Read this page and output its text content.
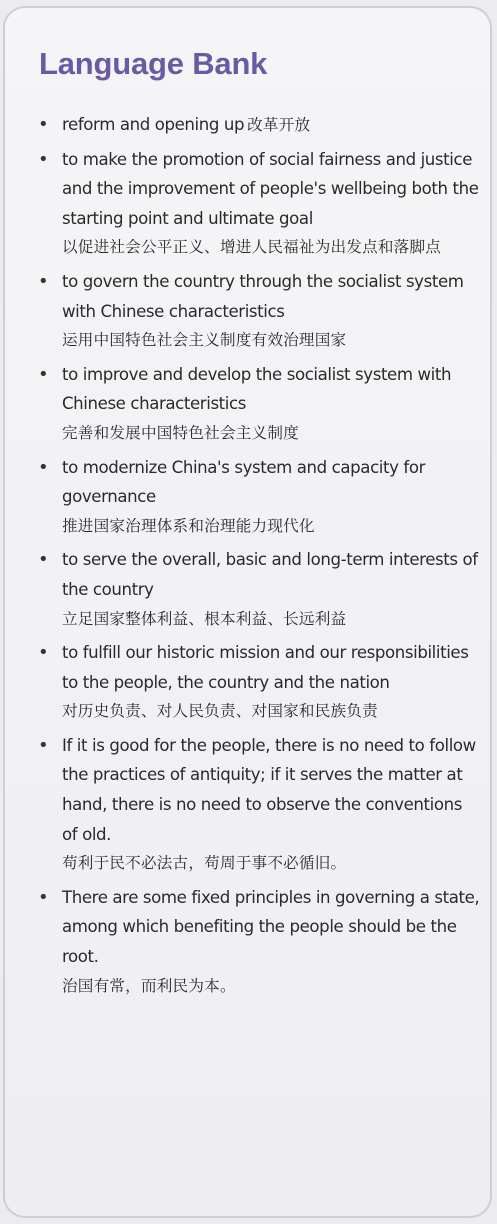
Language Bank
• reform and opening up 改革开放
• to make the promotion of social fairness and justice and the improvement of people's wellbeing both the starting point and ultimate goal
以促进社会公平正义、增进人民福祉为出发点和落脚点
• to govern the country through the socialist system with Chinese characteristics
运用中国特色社会主义制度有效治理国家
• to improve and develop the socialist system with Chinese characteristics
完善和发展中国特色社会主义制度
• to modernize China's system and capacity for governance
推进国家治理体系和治理能力现代化
• to serve the overall, basic and long-term interests of the country
立足国家整体利益、根本利益、长远利益
• to fulfill our historic mission and our responsibilities to the people, the country and the nation
对历史负责、对人民负责、对国家和民族负责
• If it is good for the people, there is no need to follow the practices of antiquity; if it serves the matter at hand, there is no need to observe the conventions of old.
苟利于民不必法古，苟周于事不必循旧。
• There are some fixed principles in governing a state, among which benefiting the people should be the root.
治国有常，而利民为本。
